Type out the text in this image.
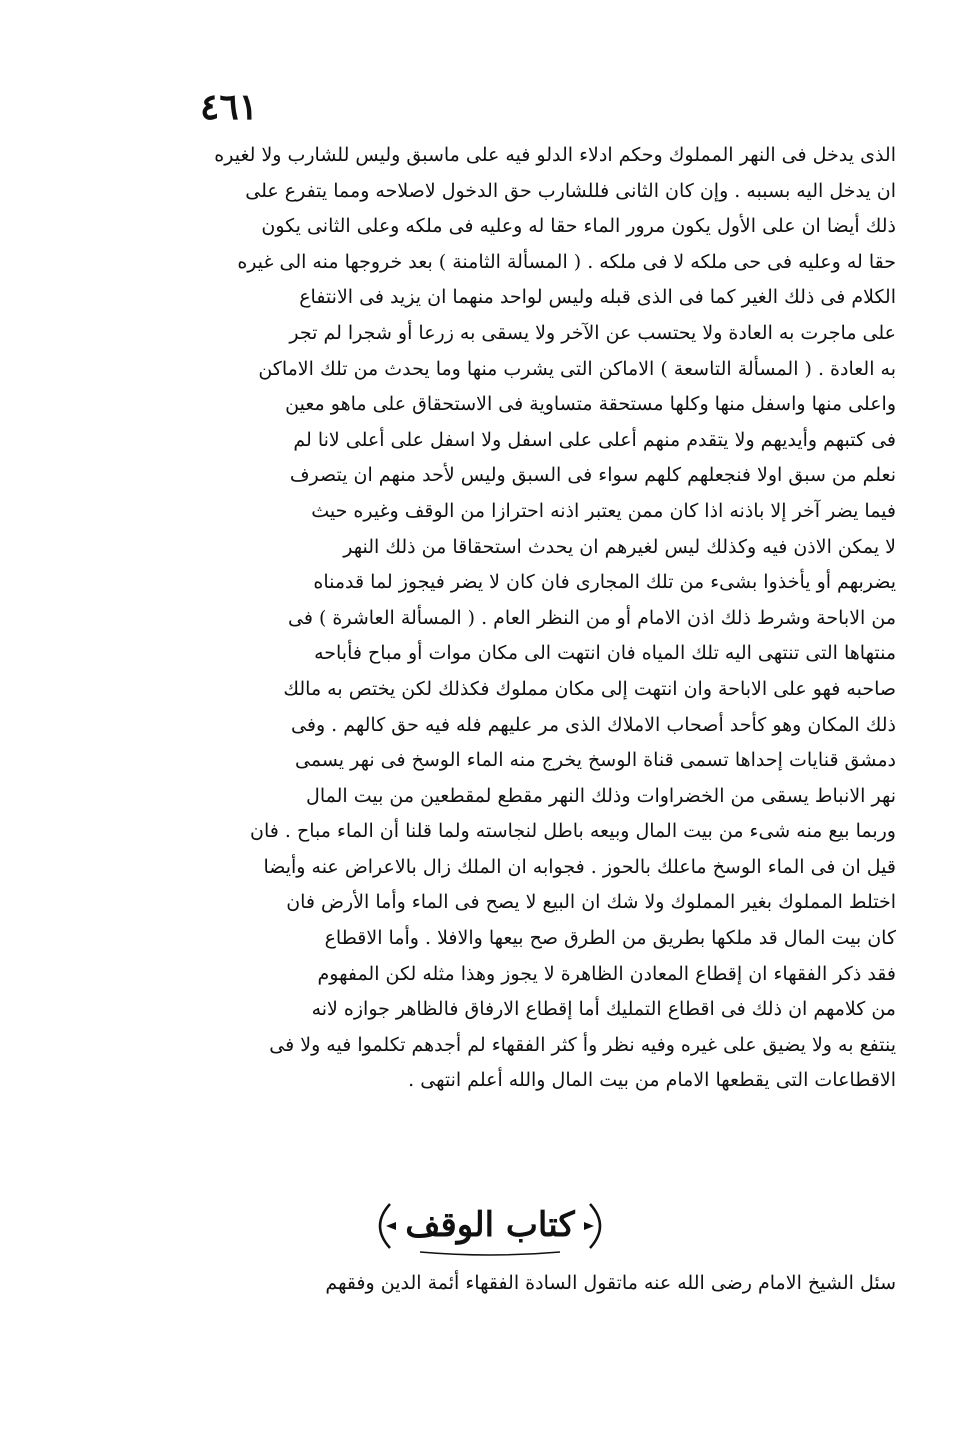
٤٦١
الذى يدخل فى النهر المملوك وحكم ادلاء الدلو فيه على ماسبق وليس للشارب ولا لغيره
ان يدخل اليه بسببه . وإن كان الثانى فللشارب حق الدخول لاصلاحه ومما يتفرع على
ذلك أيضا ان على الأول يكون مرور الماء حقا له وعليه فى ملكه وعلى الثانى يكون
حقا له وعليه فى حى ملكه لا فى ملكه . ( المسألة الثامنة ) بعد خروجها منه الى غيره
الكلام فى ذلك الغير كما فى الذى قبله وليس لواحد منهما ان يزيد فى الانتفاع
على ماجرت به العادة ولا يحتسب عن الآخر ولا يسقى به زرعا أو شجرا لم تجر
به العادة . ( المسألة التاسعة ) الاماكن التى يشرب منها وما يحدث من تلك الاماكن
واعلى منها واسفل منها وكلها مستحقة متساوية فى الاستحقاق على ماهو معين
فى كتبهم وأيديهم ولا يتقدم منهم أعلى على اسفل ولا اسفل على أعلى لانا لم
نعلم من سبق اولا فنجعلهم كلهم سواء فى السبق وليس لأحد منهم ان يتصرف
فيما يضر آخر إلا باذنه اذا كان ممن يعتبر اذنه احترازا من الوقف وغيره حيث
لا يمكن الاذن فيه وكذلك ليس لغيرهم ان يحدث استحقاقا من ذلك النهر
يضربهم أو يأخذوا بشىء من تلك المجارى فان كان لا يضر فيجوز لما قدمناه
من الاباحة وشرط ذلك اذن الامام أو من النظر العام . ( المسألة العاشرة ) فى
منتهاها التى تنتهى اليه تلك المياه فان انتهت الى مكان موات أو مباح فأباحه
صاحبه فهو على الاباحة وان انتهت إلى مكان مملوك فكذلك لكن يختص به مالك
ذلك المكان وهو كأحد أصحاب الاملاك الذى مر عليهم فله فيه حق كالهم . وفى
دمشق قنايات إحداها تسمى قناة الوسخ يخرج منه الماء الوسخ فى نهر يسمى
نهر الانباط يسقى من الخضراوات وذلك النهر مقطع لمقطعين من بيت المال
وربما بيع منه شىء من بيت المال وبيعه باطل لنجاسته ولما قلنا أن الماء مباح . فان
قيل ان فى الماء الوسخ ماعلك بالحوز . فجوابه ان الملك زال بالاعراض عنه وأيضا
اختلط المملوك بغير المملوك ولا شك ان البيع لا يصح فى الماء وأما الأرض فان
كان بيت المال قد ملكها بطريق من الطرق صح بيعها والافلا . وأما الاقطاع
فقد ذكر الفقهاء ان إقطاع المعادن الظاهرة لا يجوز وهذا مثله لكن المفهوم
من كلامهم ان ذلك فى اقطاع التمليك أما إقطاع الارفاق فالظاهر جوازه لانه
ينتفع به ولا يضيق على غيره وفيه نظر وأ كثر الفقهاء لم أجدهم تكلموا فيه ولا فى
الاقطاعات التى يقطعها الامام من بيت المال والله أعلم انتهى .
كتاب الوقف
سئل الشيخ الامام رضى الله عنه ماتقول السادة الفقهاء أئمة الدين وفقهم
